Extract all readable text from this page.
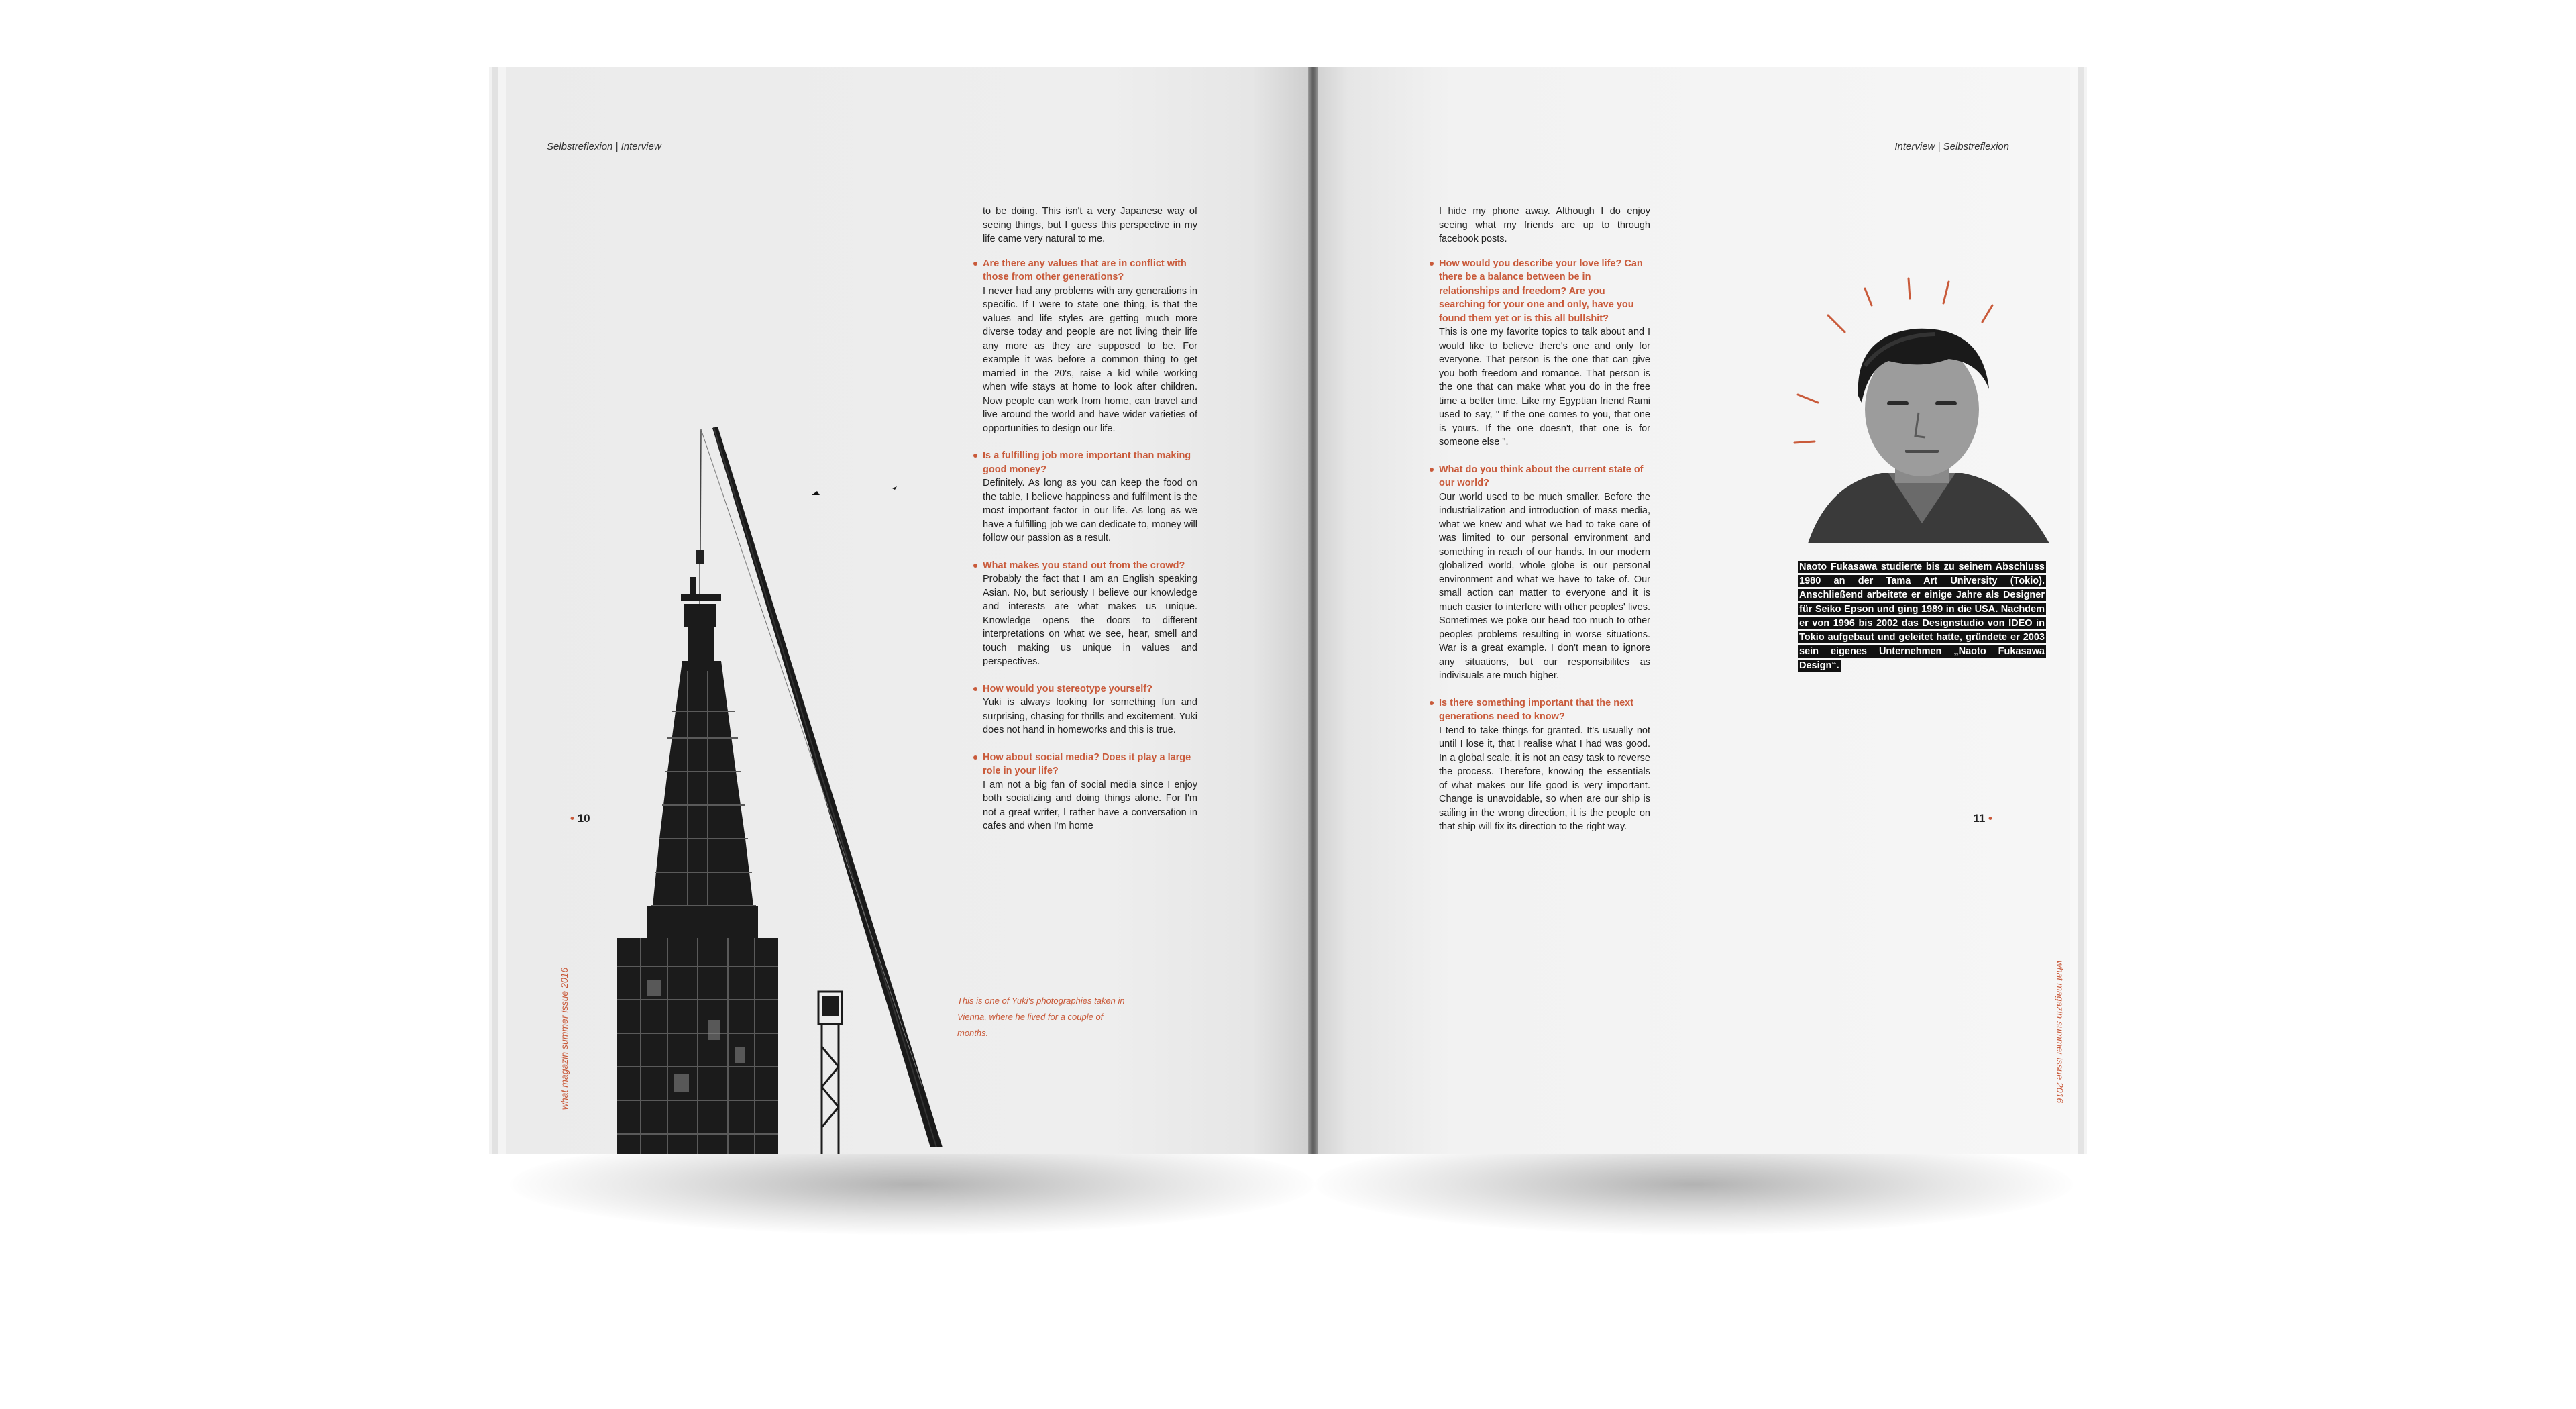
Selbstreflexion | Interview

to be doing. This isn't a very Japanese way of seeing things, but I guess this perspective in my life came very natural to me.

Are there any values that are in conflict with those from other generations?

I never had any problems with any generations in specific. If I were to state one thing, is that the values and life styles are getting much more diverse today and people are not living their life any more as they are supposed to be. For example it was before a common thing to get married in the 20's, raise a kid while working when wife stays at home to look after children. Now people can work from home, can travel and live around the world and have wider varieties of opportunities to design our life.

Is a fulfilling job more important than making good money?

Definitely. As long as you can keep the food on the table, I believe happiness and fulfilment is the most important factor in our life. As long as we have a fulfilling job we can dedicate to, money will follow our passion as a result.

What makes you stand out from the crowd?

Probably the fact that I am an English speaking Asian. No, but seriously I believe our knowledge and interests are what makes us unique. Knowledge opens the doors to different interpretations on what we see, hear, smell and touch making us unique in values and perspectives.

How would you stereotype yourself?

Yuki is always looking for something fun and surprising, chasing for thrills and excitement. Yuki does not hand in homeworks and this is true.

How about social media? Does it play a large role in your life?

I am not a big fan of social media since I enjoy both socializing and doing things alone. For I'm not a great writer, I rather have a conversation in cafes and when I'm home

• 10
what magazin summer issue 2016	This is one of Yuki's photographies taken in Vienna, where he lived for a couple of months.
Interview | Selbstreflexion

I hide my phone away. Although I do enjoy seeing what my friends are up to through facebook posts.

How would you describe your love life? Can there be a balance between be in relationships and freedom? Are you searching for your one and only, have you found them yet or is this all bullshit?

This is one my favorite topics to talk about and I would like to believe there's one and only for everyone. That person is the one that can give you both freedom and romance. That person is the one that can make what you do in the free time a better time. Like my Egyptian friend Rami used to say, " If the one comes to you, that one is yours. If the one doesn't, that one is for someone else ".

What do you think about the current state of our world?

Our world used to be much smaller. Before the industrialization and introduction of mass media, what we knew and what we had to take care of was limited to our personal environment and something in reach of our hands. In our modern globalized world, whole globe is our personal environment and what we have to take of. Our small action can matter to everyone and it is much easier to interfere with other peoples' lives. Sometimes we poke our head too much to other peoples problems resulting in worse situations. War is a great example. I don't mean to ignore any situations, but our responsibilites as indivisuals are much higher.

Is there something important that the next generations need to know?

I tend to take things for granted. It's usually not until I lose it, that I realise what I had was good. In a global scale, it is not an easy task to reverse the process. Therefore, knowing the essentials of what makes our life good is very important. Change is unavoidable, so when are our ship is sailing in the wrong direction, it is the people on that ship will fix its direction to the right way.

Naoto Fukasawa studierte bis zu seinem Abschluss 1980 an der Tama Art University (Tokio). Anschließend arbeitete er einige Jahre als Designer für Seiko Epson und ging 1989 in die USA. Nachdem er von 1996 bis 2002 das Designstudio von IDEO in Tokio aufgebaut und geleitet hatte, gründete er 2003 sein eigenes Unternehmen „Naoto Fukasawa Design“.
11 •
what magazin summer issue 2016
